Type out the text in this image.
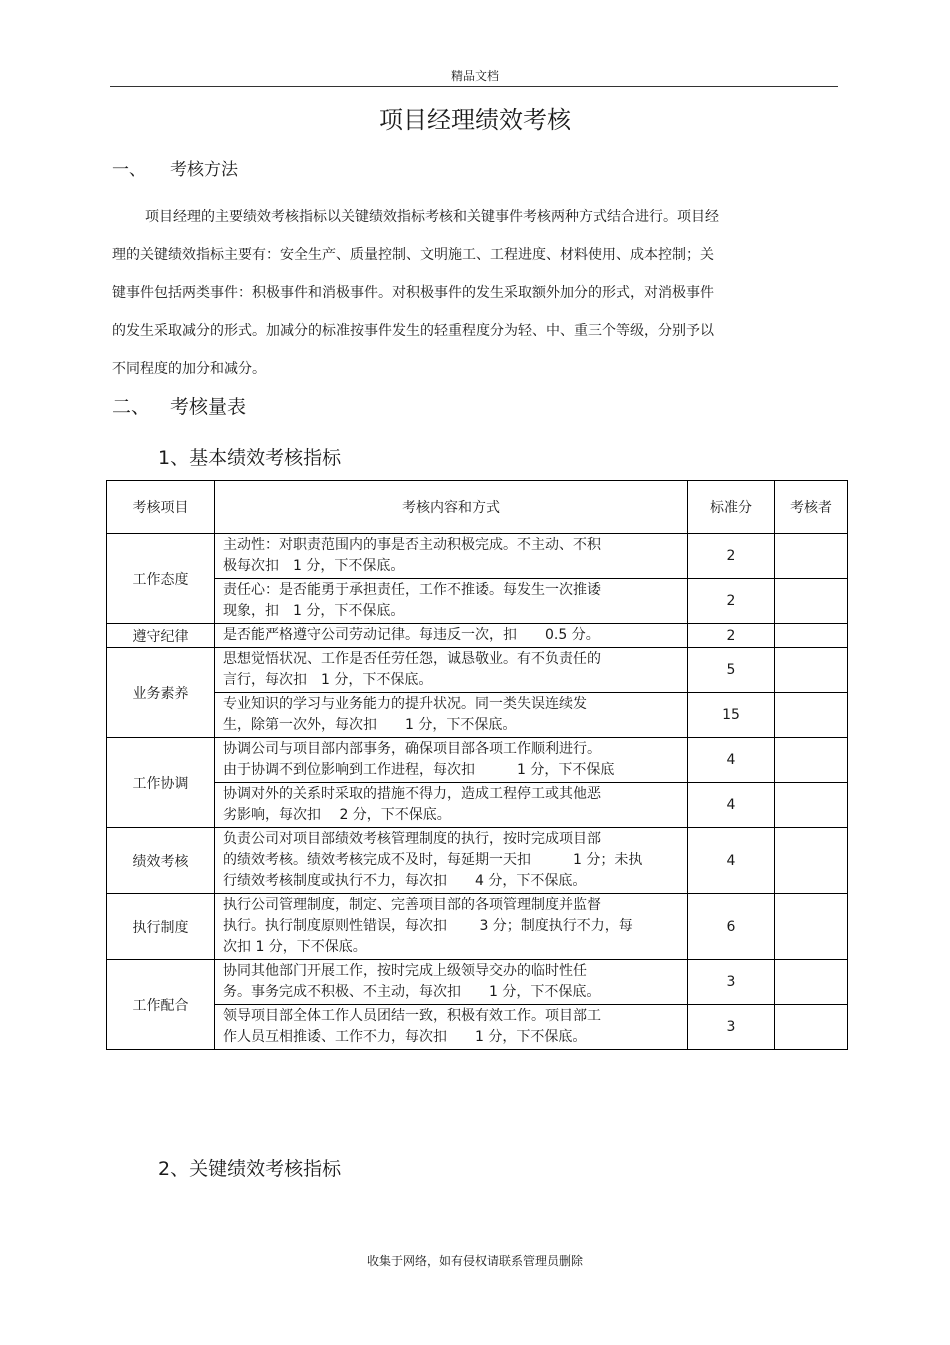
精品文档
项目经理绩效考核
一、 考核方法
项目经理的主要绩效考核指标以关键绩效指标考核和关键事件考核两种方式结合进行。项目经
理的关键绩效指标主要有：安全生产、质量控制、文明施工、工程进度、材料使用、成本控制；关
键事件包括两类事件：积极事件和消极事件。对积极事件的发生采取额外加分的形式，对消极事件
的发生采取减分的形式。加减分的标准按事件发生的轻重程度分为轻、中、重三个等级，分别予以
不同程度的加分和减分。
二、 考核量表
1、基本绩效考核指标
考核项目	考核内容和方式	标准分	考核者
工作态度	主动性：对职责范围内的事是否主动积极完成。不主动、不积
极每次扣　1 分，下不保底。	2	

	责任心：是否能勇于承担责任，工作不推诿。每发生一次推诿
现象，扣　1 分，下不保底。	2	
遵守纪律	是否能严格遵守公司劳动记律。每违反一次，扣　　0.5 分。	2	
业务素养	思想觉悟状况、工作是否任劳任怨，诚恳敬业。有不负责任的
言行，每次扣　1 分，下不保底。	5	

	专业知识的学习与业务能力的提升状况。同一类失误连续发
生，除第一次外，每次扣　　1 分，下不保底。	15	
工作协调	协调公司与项目部内部事务，确保项目部各项工作顺利进行。
由于协调不到位影响到工作进程，每次扣　　　1 分，下不保底	4	

	协调对外的关系时采取的措施不得力，造成工程停工或其他恶
劣影响，每次扣　 2 分，下不保底。	4	
绩效考核	负责公司对项目部绩效考核管理制度的执行，按时完成项目部
的绩效考核。绩效考核完成不及时，每延期一天扣　　　1 分；未执
行绩效考核制度或执行不力，每次扣　　4 分，下不保底。	4	
执行制度	执行公司管理制度，制定、完善项目部的各项管理制度并监督
执行。执行制度原则性错误，每次扣　　 3 分；制度执行不力，每
次扣 1 分，下不保底。	6	
工作配合	协同其他部门开展工作，按时完成上级领导交办的临时性任
务。事务完成不积极、不主动，每次扣　　1 分，下不保底。	3	

	领导项目部全体工作人员团结一致，积极有效工作。项目部工
作人员互相推诿、工作不力，每次扣　　1 分，下不保底。	3	
2、关键绩效考核指标
收集于网络，如有侵权请联系管理员删除
